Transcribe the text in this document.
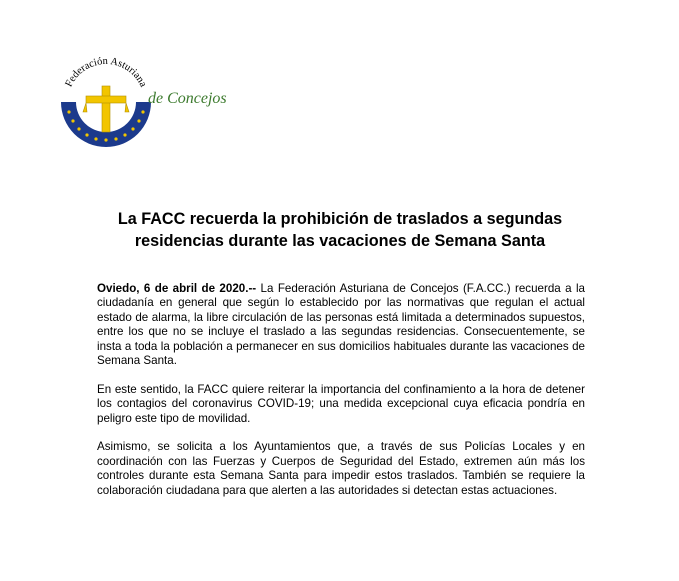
Federación Asturiana
de Concejos
La FACC recuerda la prohibición de traslados a segundas
residencias durante las vacaciones de Semana Santa

Oviedo, 6 de abril de 2020.-- La Federación Asturiana de Concejos (F.A.CC.) recuerda a la ciudadanía en general que según lo establecido por las normativas que regulan el actual estado de alarma, la libre circulación de las personas está limitada a determinados supuestos, entre los que no se incluye el traslado a las segundas residencias. Consecuentemente, se insta a toda la población a permanecer en sus domicilios habituales durante las vacaciones de Semana Santa.

En este sentido, la FACC quiere reiterar la importancia del confinamiento a la hora de detener los contagios del coronavirus COVID-19; una medida excepcional cuya eficacia pondría en peligro este tipo de movilidad.

Asimismo, se solicita a los Ayuntamientos que, a través de sus Policías Locales y en coordinación con las Fuerzas y Cuerpos de Seguridad del Estado, extremen aún más los controles durante esta Semana Santa para impedir estos traslados. También se requiere la colaboración ciudadana para que alerten a las autoridades si detectan estas actuaciones.
